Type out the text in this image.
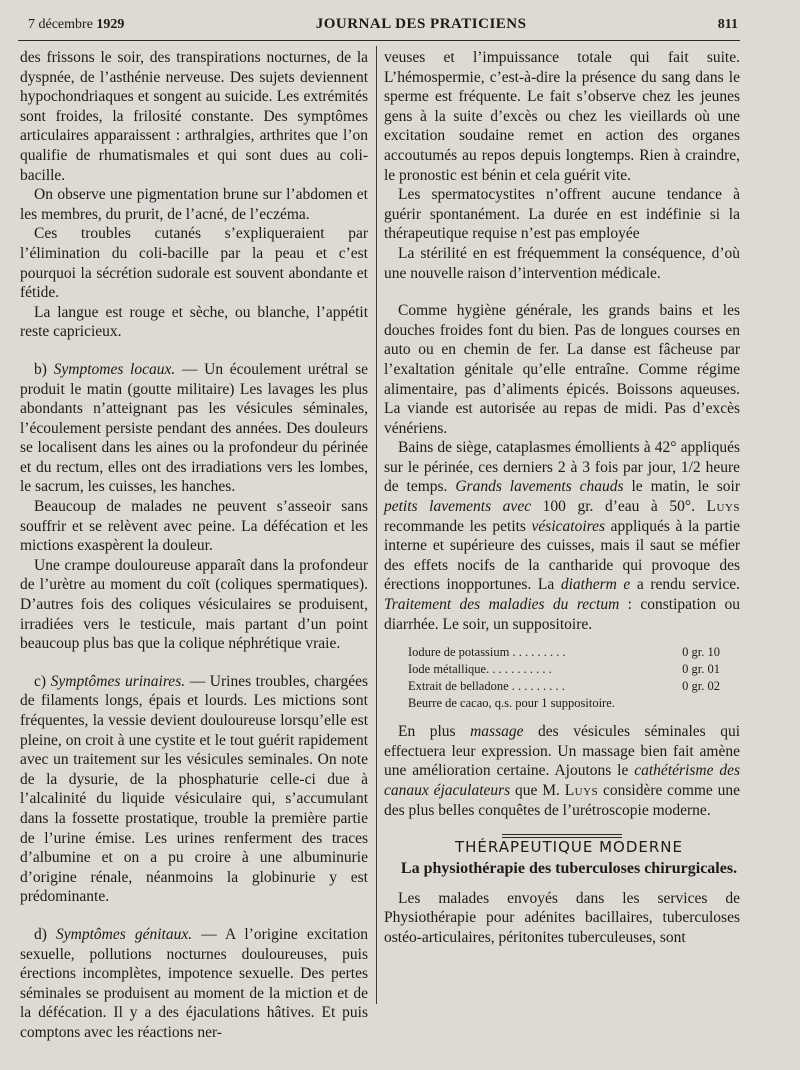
7 décembre 1929	JOURNAL DES PRATICIENS	811

des frissons le soir, des transpirations nocturnes, de la dyspnée, de l’asthénie nerveuse. Des sujets deviennent hypochondriaques et songent au suicide. Les extrémités sont froides, la frilosité constante. Des symptômes articulaires apparaissent : arthralgies, arthrites que l’on qualifie de rhumatismales et qui sont dues au coli-bacille.

On observe une pigmentation brune sur l’abdomen et les membres, du prurit, de l’acné, de l’eczéma.

Ces troubles cutanés s’expliqueraient par l’élimination du coli-bacille par la peau et c’est pourquoi la sécrétion sudorale est souvent abondante et fétide.

La langue est rouge et sèche, ou blanche, l’appétit reste capricieux.

b) Symptomes locaux. — Un écoulement urétral se produit le matin (goutte militaire) Les lavages les plus abondants n’atteignant pas les vésicules séminales, l’écoulement persiste pendant des années. Des douleurs se localisent dans les aines ou la profondeur du périnée et du rectum, elles ont des irradiations vers les lombes, le sacrum, les cuisses, les hanches.

Beaucoup de malades ne peuvent s’asseoir sans souffrir et se relèvent avec peine. La défécation et les mictions exaspèrent la douleur.

Une crampe douloureuse apparaît dans la profondeur de l’urètre au moment du coït (coliques spermatiques). D’autres fois des coliques vésiculaires se produisent, irradiées vers le testicule, mais partant d’un point beaucoup plus bas que la colique néphrétique vraie.

c) Symptômes urinaires. — Urines troubles, chargées de filaments longs, épais et lourds. Les mictions sont fréquentes, la vessie devient douloureuse lorsqu’elle est pleine, on croit à une cystite et le tout guérit rapidement avec un traitement sur les vésicules seminales. On note de la dysurie, de la phosphaturie celle-ci due à l’alcalinité du liquide vésiculaire qui, s’accumulant dans la fossette prostatique, trouble la première partie de l’urine émise. Les urines renferment des traces d’albumine et on a pu croire à une albuminurie d’origine rénale, néanmoins la globinurie y est prédominante.

d) Symptômes génitaux. — A l’origine excitation sexuelle, pollutions nocturnes douloureuses, puis érections incomplètes, impotence sexuelle. Des pertes séminales se produisent au moment de la miction et de la défécation. Il y a des éjaculations hâtives. Et puis comptons avec les réactions ner-

veuses et l’impuissance totale qui fait suite. L’hémospermie, c’est-à-dire la présence du sang dans le sperme est fréquente. Le fait s’observe chez les jeunes gens à la suite d’excès ou chez les vieillards où une excitation soudaine remet en action des organes accoutumés au repos depuis longtemps. Rien à craindre, le pronostic est bénin et cela guérit vite.

Les spermatocystites n’offrent aucune tendance à guérir spontanément. La durée en est indéfinie si la thérapeutique requise n’est pas employée

La stérilité en est fréquemment la conséquence, d’où une nouvelle raison d’intervention médicale.

Comme hygiène générale, les grands bains et les douches froides font du bien. Pas de longues courses en auto ou en chemin de fer. La danse est fâcheuse par l’exaltation génitale qu’elle entraîne. Comme régime alimentaire, pas d’aliments épicés. Boissons aqueuses. La viande est autorisée au repas de midi. Pas d’excès vénériens.

Bains de siège, cataplasmes émollients à 42° appliqués sur le périnée, ces derniers 2 à 3 fois par jour, 1/2 heure de temps. Grands lavements chauds le matin, le soir petits lavements avec 100 gr. d’eau à 50°. Luys recommande les petits vésicatoires appliqués à la partie interne et supérieure des cuisses, mais il saut se méfier des effets nocifs de la cantharide qui provoque des érections inopportunes. La diatherm e a rendu service. Traitement des maladies du rectum : constipation ou diarrhée. Le soir, un suppositoire.

Iodure de potassium . . . . . . . . .	0 gr. 10
Iode métallique. . . . . . . . . . .	0 gr. 01
Extrait de belladone . . . . . . . . .	0 gr. 02
Beurre de cacao, q.s. pour 1 suppositoire.

En plus massage des vésicules séminales qui effectuera leur expression. Un massage bien fait amène une amélioration certaine. Ajoutons le cathétérisme des canaux éjaculateurs que M. Luys considère comme une des plus belles conquêtes de l’urétroscopie moderne.

THÉRAPEUTIQUE MODERNE

La physiothérapie des tuberculoses chirurgicales.

Les malades envoyés dans les services de Physiothérapie pour adénites bacillaires, tuberculoses ostéo-articulaires, péritonites tuberculeuses, sont
